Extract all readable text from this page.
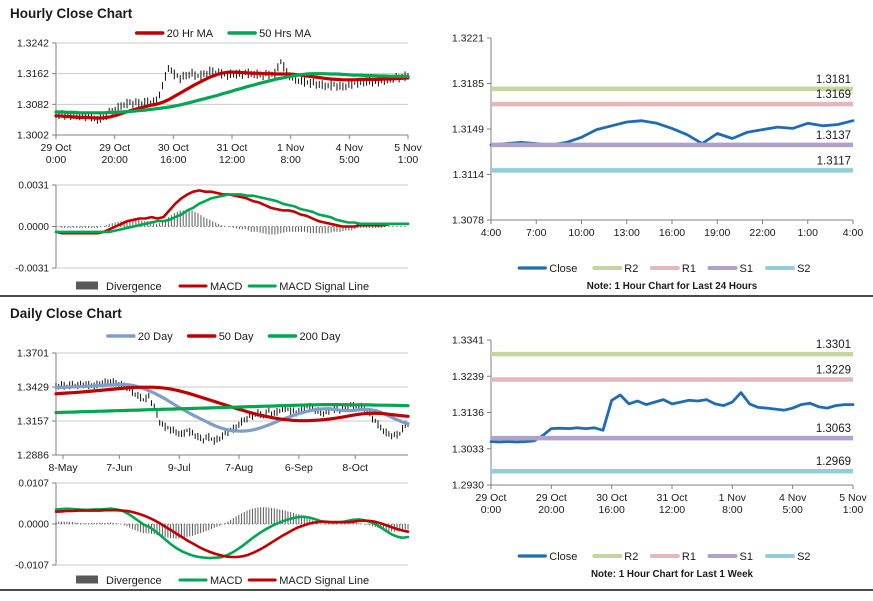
Hourly Close Chart
Daily Close Chart
20 Hr MA	50 Hrs MA
1.3242
1.3162
1.3082
1.3002
29 Oct
0:00
29 Oct
20:00
30 Oct
16:00
31 Oct
12:00
1 Nov
8:00
4 Nov
5:00
5 Nov
1:00
0.0031
0.0000
-0.0031
Divergence	MACD	MACD Signal Line
1.3221
1.3185
1.3149
1.3114
1.3078
4:00 7:00 10:00 13:00 16:00 19:00 22:00 1:00 4:00
1.3181
1.3169
1.3137
1.3117
Close	R2	R1	S1	S2
Note: 1 Hour Chart for Last 24 Hours
20 Day	50 Day	200 Day
1.3701
1.3429
1.3157
1.2886
8-May	7-Jun	9-Jul	7-Aug	6-Sep	8-Oct
0.0107
0.0000
-0.0107
Divergence	MACD	MACD Signal Line
1.3341
1.3239
1.3136
1.3033
1.2930
29 Oct
0:00
29 Oct
20:00
30 Oct
16:00
31 Oct
12:00
1 Nov
8:00
4 Nov
5:00
5 Nov
1:00
1.3301
1.3229
1.3063
1.2969
Close	R2	R1	S1	S2
Note: 1 Hour Chart for Last 1 Week
